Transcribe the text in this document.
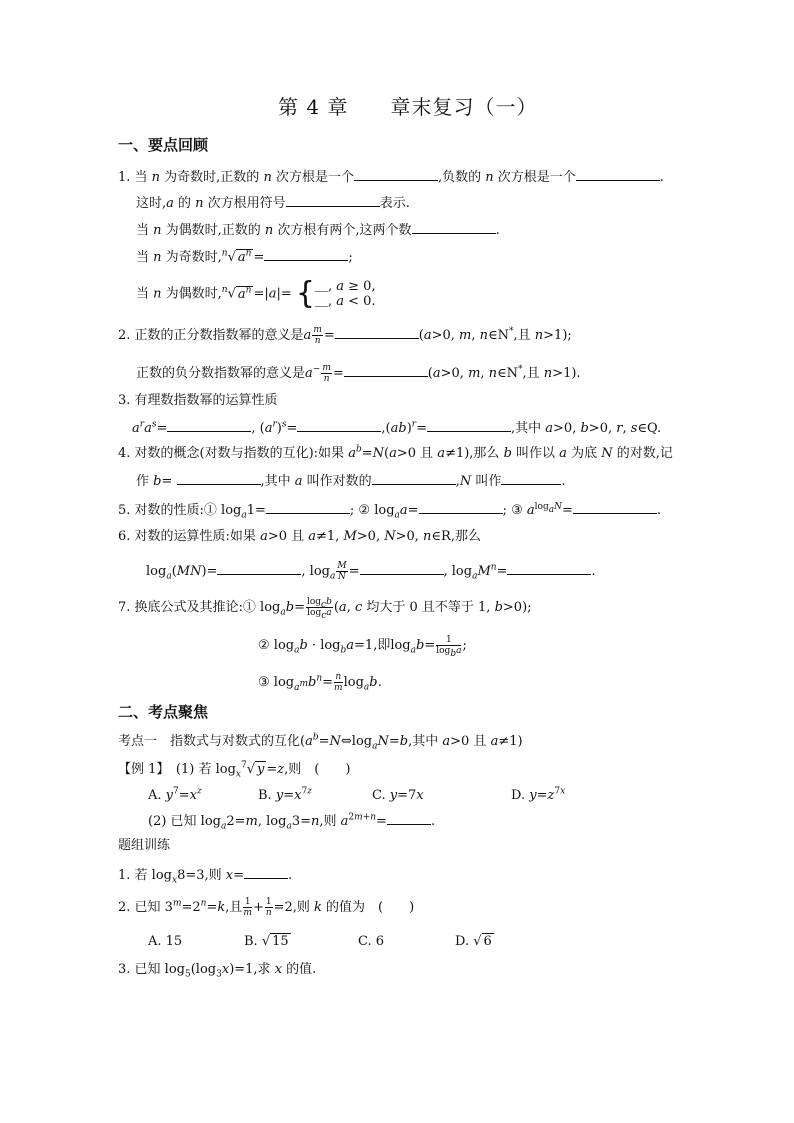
第 4 章　　章末复习（一）
一、要点回顾
1. 当 n 为奇数时,正数的 n 次方根是一个	,负数的 n 次方根是一个	.
这时,a 的 n 次方根用符号	表示.
当 n 为偶数时,正数的 n 次方根有两个,这两个数	.
当 n 为奇数时,$^n$√ $a^n$ =	;
当 n 为偶数时,$^n$√ $a^n =|a|=$ {＿, a ≥ 0,
＿, a < 0.
2. 正数的正分数指数幂的意义是a $\frac{m}{n}$ =	(a>0, m, n∈N*,且 n>1);
正数的负分数指数幂的意义是$a^- \frac{m}{n}$ =	(a>0, m, n∈N*,且 n>1).
3. 有理数指数幂的运算性质
$a^ra^s=$	, $(a^r)^s=$	,(ab)$^r$=	,其中 a>0, b>0, r, s∈Q.
4. 对数的概念(对数与指数的互化):如果 $a^b=N(a>0$ 且 a≠1),那么 b 叫作以 a 为底 N 的对数,记
作 b=	,其中 a 叫作对数的	,N 叫作	.
5. 对数的性质:① $\log_a1=$	; ② $\log_aa=$	; ③ $a^{log_aN}=$	.
6. 对数的运算性质:如果 a>0 且 a≠1, M>0, N>0, n∈R,那么
$\log_a(MN)=$	, $\log_a \frac{M}{N}$ =	, $\log_aM^n=$	.
7. 换底公式及其推论:① $\log_ab= \frac{\log_cb}{\log_ca} (a$, c 均大于 0 且不等于 1, b>0);
② $\log_ab \cdot \log_ba=1$,即$\log_ab= \frac{1}{\log_ba}$ ;
③ $\log_{a^m}b^n= \frac{n}{m} \log_ab$.
二、考点聚焦
考点一　指数式与对数式的互化($a^b=N\Leftrightarrow\log_aN=b$,其中 a>0 且 a≠1)
【例 1】　(1) 若 $\log_x^7√$ y =z,则　(　　)
A. $y^7=x^z$	B. $y=x^{7z}$	C. y=7x	D. $y=z^{7x}$
(2) 已知 $\log_a2=m$, $\log_a3=n$,则 $a^{2m+n}=$	.
题组训练
1. 若 $\log_x8=3$,则 x=	.
2. 已知 $3^m=2^n=k$,且 $\frac{1}{m} + \frac{1}{n} =2$,则 k 的值为　(　　)
A. 15	B. √ 15	C. 6	D. √ 6
3. 已知 $\log_5(\log_3x)=1$,求 x 的值.
